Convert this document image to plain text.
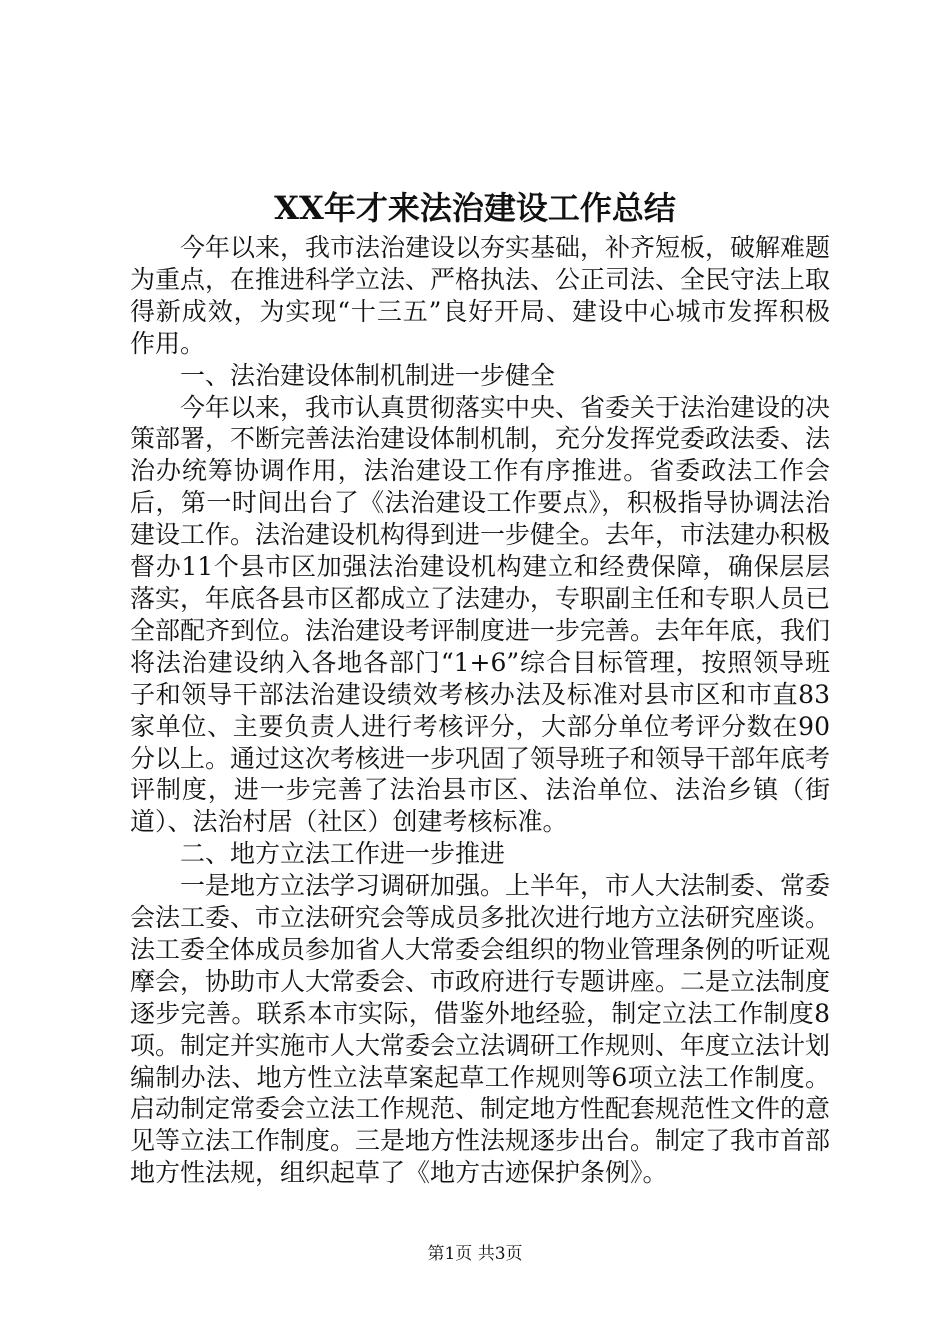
XX年才来法治建设工作总结

今年以来，我市法治建设以夯实基础，补齐短板，破解难题为重点，在推进科学立法、严格执法、公正司法、全民守法上取得新成效，为实现“十三五”良好开局、建设中心城市发挥积极作用。

一、法治建设体制机制进一步健全

今年以来，我市认真贯彻落实中央、省委关于法治建设的决策部署，不断完善法治建设体制机制，充分发挥党委政法委、法治办统筹协调作用，法治建设工作有序推进。省委政法工作会后，第一时间出台了《法治建设工作要点》，积极指导协调法治建设工作。法治建设机构得到进一步健全。去年，市法建办积极督办11个县市区加强法治建设机构建立和经费保障，确保层层落实，年底各县市区都成立了法建办，专职副主任和专职人员已全部配齐到位。法治建设考评制度进一步完善。去年年底，我们将法治建设纳入各地各部门“1+6”综合目标管理，按照领导班子和领导干部法治建设绩效考核办法及标准对县市区和市直83家单位、主要负责人进行考核评分，大部分单位考评分数在90分以上。通过这次考核进一步巩固了领导班子和领导干部年底考评制度，进一步完善了法治县市区、法治单位、法治乡镇（街道）、法治村居（社区）创建考核标准。

二、地方立法工作进一步推进

一是地方立法学习调研加强。上半年，市人大法制委、常委会法工委、市立法研究会等成员多批次进行地方立法研究座谈。法工委全体成员参加省人大常委会组织的物业管理条例的听证观摩会，协助市人大常委会、市政府进行专题讲座。二是立法制度逐步完善。联系本市实际，借鉴外地经验，制定立法工作制度8项。制定并实施市人大常委会立法调研工作规则、年度立法计划编制办法、地方性立法草案起草工作规则等6项立法工作制度。启动制定常委会立法工作规范、制定地方性配套规范性文件的意见等立法工作制度。三是地方性法规逐步出台。制定了我市首部地方性法规，组织起草了《地方古迹保护条例》。

第1页 共3页
